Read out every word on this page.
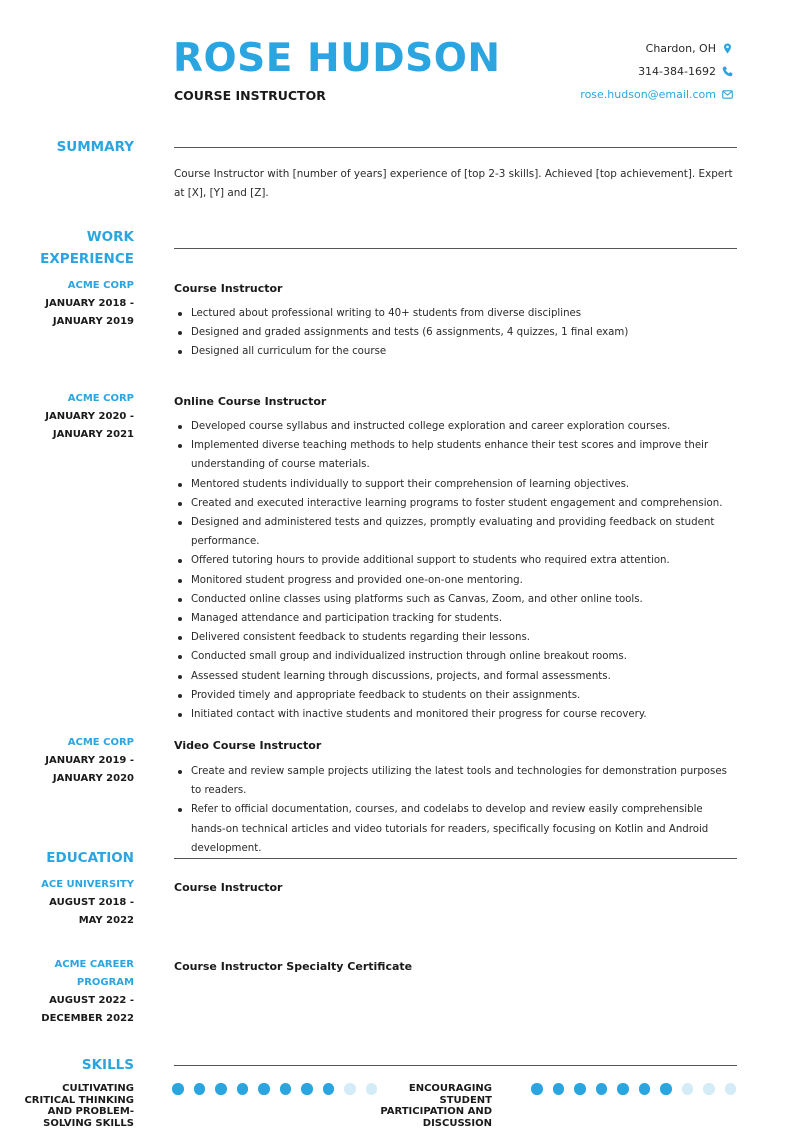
ROSE HUDSON
COURSE INSTRUCTOR
Chardon, OH
314-384-1692
rose.hudson@email.com
SUMMARY
Course Instructor with [number of years] experience of [top 2-3 skills]. Achieved [top achievement]. Expert at [X], [Y] and [Z].
WORK
EXPERIENCE
ACME CORP
JANUARY 2018 -
JANUARY 2019
Course Instructor
Lectured about professional writing to 40+ students from diverse disciplines
Designed and graded assignments and tests (6 assignments, 4 quizzes, 1 final exam)
Designed all curriculum for the course
ACME CORP
JANUARY 2020 -
JANUARY 2021
Online Course Instructor
Developed course syllabus and instructed college exploration and career exploration courses.
Implemented diverse teaching methods to help students enhance their test scores and improve their understanding of course materials.
Mentored students individually to support their comprehension of learning objectives.
Created and executed interactive learning programs to foster student engagement and comprehension.
Designed and administered tests and quizzes, promptly evaluating and providing feedback on student performance.
Offered tutoring hours to provide additional support to students who required extra attention.
Monitored student progress and provided one-on-one mentoring.
Conducted online classes using platforms such as Canvas, Zoom, and other online tools.
Managed attendance and participation tracking for students.
Delivered consistent feedback to students regarding their lessons.
Conducted small group and individualized instruction through online breakout rooms.
Assessed student learning through discussions, projects, and formal assessments.
Provided timely and appropriate feedback to students on their assignments.
Initiated contact with inactive students and monitored their progress for course recovery.
ACME CORP
JANUARY 2019 -
JANUARY 2020
Video Course Instructor
Create and review sample projects utilizing the latest tools and technologies for demonstration purposes to readers.
Refer to official documentation, courses, and codelabs to develop and review easily comprehensible hands-on technical articles and video tutorials for readers, specifically focusing on Kotlin and Android development.
EDUCATION
ACE UNIVERSITY
AUGUST 2018 -
MAY 2022
Course Instructor
ACME CAREER
PROGRAM
AUGUST 2022 -
DECEMBER 2022
Course Instructor Specialty Certificate
SKILLS
CULTIVATING
CRITICAL THINKING
AND PROBLEM-
SOLVING SKILLS
ENCOURAGING
STUDENT
PARTICIPATION AND
DISCUSSION
